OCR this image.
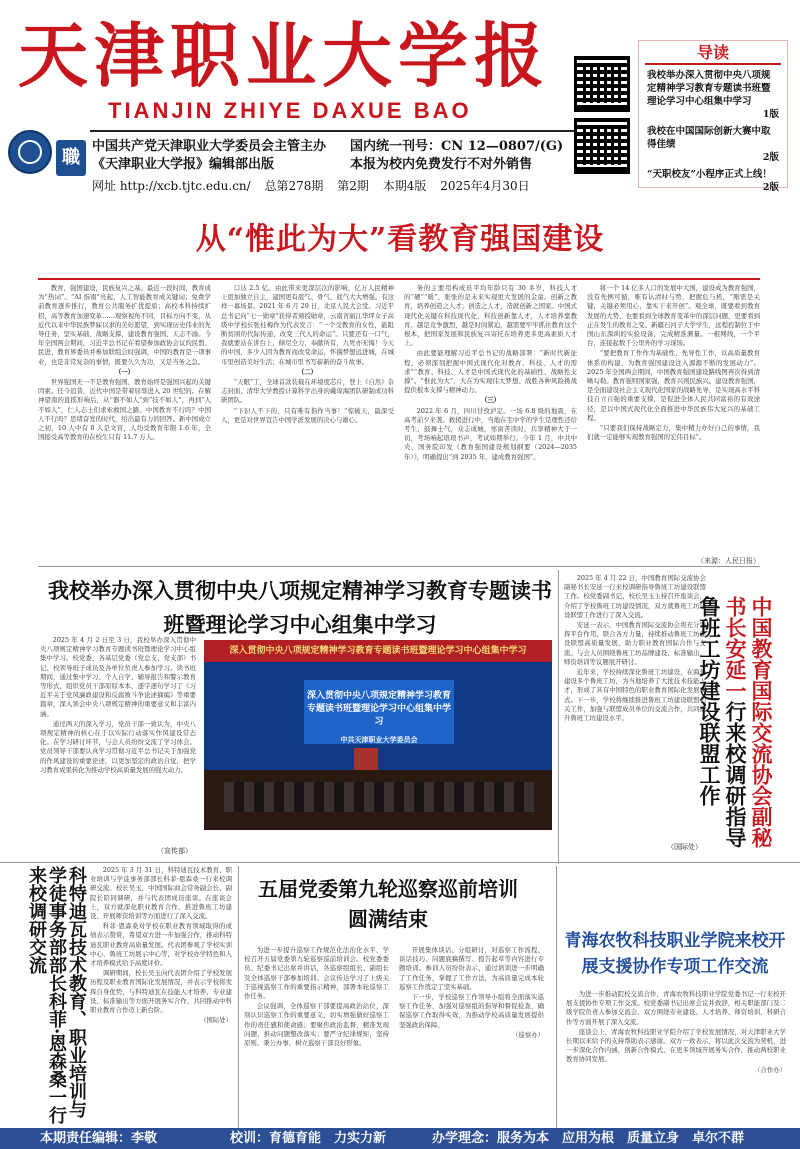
天津职业大学报
TIANJIN ZHIYE DAXUE BAO
職
中国共产党天津职业大学委员会主管主办
《天津职业大学报》编辑部出版
国内统一刊号：CN 12—0807/(G)
本报为校内免费发行不对外销售
网址 http://xcb.tjtc.edu.cn/ 总第278期 第2期 本期4版 2025年4月30日
导读
我校举办深入贯彻中央八项规定精神学习教育专题读书班暨理论学习中心组集中学习
1版
我校在中国国际创新大赛中取得佳绩
2版
“天职校友”小程序正式上线！
2版
从“惟此为大”看教育强国建设

教育，强国建设，民族复兴之基。最近一段时间，教育成为“热词”。“AI 指南”亮起，人工智能教育成关键词；免费学前教育逐步推行，教育公共服务扩优提质；高校本科持续扩招，高等教育加速变革……观察视角不同，目标方向不变，从近代以来中华民族梦寐以求的美好愿望，到实现历史伟业的先导任务，坚实基础、战略支撑，建设教育强国，天志不渝。今年全国两会期间，习近平总书记在看望参加政协会议的民盟、民进、教育界委员并参加联组会时强调，中国的教育是一项事业，也是非常复杂的事情，既要久久为功，又是当务之急。

（一）

世界强国无一不是教育强国，教育始终是强国兴起的关键因素。任今追昔，近代中国是带着屈辱进入 20 世纪的。在解神望南的直摇形响后，从“器不如人”到“技不如人”，再到“人不如人”，仁人志士们求索救国之路。中国教育不行吗？中国人不行吗？思绪奋发的时代，给出最有力的回答。新中国成立之初，10 人中有 8 人是文盲，人均受教育年限 1.6 年，全国接受高等教育的在校生只有 11.7 万人。

口达 2.5 亿。由此带来更深层次的影响，亿万人民精神上更加独立自主，建国更有底气、骨气、底气大大增强。有这样一幕场景。2021 年 6 月 29 日，北京人民大会堂。习近平总书记向“七一勋章”获得者颁授勋章，云南省丽江华坪女子高级中学校长张桂梅作为代表发言：“一个受教育的女性，能阻断贫困的代际传递，改变三代人的命运”。只要还有一口气，我就要站在讲台上，倾尽全力、奉献所有，九死亦无悔！今天的中国，多少人因为教育而改变命运，怀揣梦想远进城，在城市里创造美好生活；在城市里书写崭新的奋斗故事。

（二）

“天眼”工，全球首款装载在环境度芯片，登上《自然》杂志封面，清华大学教授计算科学出身的戴琼海团队研制成功科研团队。

“下识人不下的，只有唯有指作当事！“惊破天，最深受人，更是对世界宣告中国学派发展的决心与雄心。

务的主要用构成员平均年龄只有 30 多岁，科技人才的“硬”“暖”、张张的是未来实现更大发展的金童。创新之教育，培养创造之人才；创造之人才，造就创新之国家。中国式现代化关键在科技现代化，科技创新靠人才，人才培养靠教育。越是竞争激烈，越是时间紧迫，越需要牢牢抓住教育这个根本，把国家发展和民族复兴寄托在培养更多更高素质人才上。

由此要能理解习近平总书记的战略部署：“新时代新征程，必须深刻把握中国式现代化对教育、科技、人才的需求”“教育、科技、人才是中国式现代化的基础性、战略性支撑”。“惟此为大”，大在为实现伟大梦想、战胜各种风险挑战提供根本支撑与精神动力。

（三）

2022 年 6 月，四川甘孜泸定。一场 6.8 级的地震，在高考前夕来袭。救援进行中，当地在宅中学的学生是理性还给考生，鼓舞士气，众志成城，寒窗苦读时，共享精神大于一切，考场响起琅琅书声，考试如期举行。今年 1 月，中共中央、国务院印发《教育强国建设规划纲要（2024—2035 年）》，明确提出“到 2035 年，建成教育强国”。

将一个 14 亿多人口的发展中大国，建设成为教育强国，没有先例可循，唯有认清时与势，把握危与机，“刚需是关键，关键必须用心，靠实干来开创”。观全球，既要看到教育发展的大势、也要看到全球教育变革中的深层问题，更要看到正在发生的教育之变。新疆石河子大学学生，远程控制位于中国山东深圳的实验设备，完成精准测量。一根网线，一个平台，连接起数千公里外的学习现场。

“要把教育工作作为基础性、先导性工作，以高质量教育体系的构建，为教育强国建设注入源源不断的发展动力”。2025 年全国两会期间，中国教育强国建设路线图再次得到清晰勾勒。教育强则国家强，教育兴则民族兴。建设教育强国，是全面建设社会主义现代化国家的战略先导，是实现高水平科技自立自强的重要支撑，是促进全体人民共同富裕的有效途径，是以中国式现代化全面推进中华民族伟大复兴的基础工程。

“只要我们保持战略定力，集中精力办好自己的事情，我们就一定能够实现教育强国的宏伟目标”。

（来源：人民日报）
我校举办深入贯彻中央八项规定精神学习教育专题读书班暨理论学习中心组集中学习
深入贯彻中央八项规定精神学习教育专题读书班暨理论学习中心组集中学习
深入贯彻中央八项规定精神学习教育专题读书班暨理论学习中心组集中学习
中共天津职业大学委员会

2025 年 4 月 2 日至 3 日，我校举办深入贯彻中央八项规定精神学习教育专题读书班暨理论学习中心组集中学习。校党委、各基层党委（党总支、党支部）书记、校领导班子成员及各单位负责人参加学习。读书班期间，通过集中学习、个人自学、辅导报告和警示教育等形式，组织党员干部原原本本、逐字逐句学习了《习近平关于党风廉政建设和反腐败斗争论述摘编》等重要篇章，深入领会中央八项规定精神的重要意义和丰富内涵。

通过两天的深入学习，党员干部一致认为，中央八项规定精神的核心在于以实际行动落实作风建设常态化。在学习研讨环节，与会人员纷纷交流了学习体会。党员领导干部要认真学习贯彻习近平总书记关于加强党的作风建设的重要论述，以更加坚定的政治自觉，把学习教育成果转化为推动学校高质量发展的强大动力。

（宣传部）

2025 年 4 月 22 日，中国教育国际交流协会副秘书长安延一行来校调研指导鲁班工坊建设联盟工作。校党委副书记、校长吴玉主持召开座谈会，介绍了学校鲁班工坊建设情况，双方就鲁班工坊建设联盟工作进行了深入交流。

安延一表示，中国教育国际交流协会将充分发挥平台作用，联合各方力量，持续推动鲁班工坊建设联盟高质量发展，助力职业教育国际合作与交流。与会人员围绕鲁班工坊品牌建设、标准输出、师资培训等议题展开研讨。

近年来，学校持续深化鲁班工坊建设，在海外建设多个鲁班工坊，为当地培养了大批技术技能人才，形成了具有中国特色的职业教育国际化发展模式。下一步，学校将继续推进鲁班工坊建设联盟相关工作，加强与联盟成员单位的交流合作，共同提升鲁班工坊建设水平。	中国教育国际交流协会副秘书长安延一行来校调研指导鲁班工坊建设联盟工作
（国际处）
科特迪瓦技术教育、职业培训与学徒事务部部长科菲·恩森桑一行来校调研交流	2025 年 3 月 31 日，科特迪瓦技术教育、职业培训与学徒事务部部长科菲·恩森桑一行来校调研交流。校长吴玉，中国国际商会常务副会长、副院长陪同调研，并与代表团成员座谈。在座谈会上，双方就深化职业教育合作、推进鲁班工坊建设、开展师资培训等方面进行了深入交流。

科菲·恩森桑对学校在职业教育领域取得的成绩表示赞赏，希望双方进一步加强合作，推动科特迪瓦职业教育高质量发展。代表团参观了学校实训中心、鲁班工坊展示中心等，对学校办学特色和人才培养模式给予高度评价。

调研期间，校长吴玉向代表团介绍了学校发展历程及职业教育国际化发展情况，并表示学校将发挥自身优势，与科特迪瓦在技能人才培养、专业建设、标准输出等方面开展务实合作，共同推动中科职业教育合作迈上新台阶。

（国际处）

五届党委第九轮巡察巡前培训圆满结束

为进一步提升巡察工作规范化法治化水平，学校召开五届党委第九轮巡察巡前培训会。校党委委员、纪委书记出席并讲话，各巡察组组长、副组长及全体巡察干部参加培训。会议传达学习了上级关于巡视巡察工作的重要指示精神，部署本轮巡察工作任务。

会议强调，全体巡察干部要提高政治站位，深刻认识巡察工作的重要意义，切实增强做好巡察工作的责任感和使命感；要聚焦政治监督，精准发现问题，推动问题整改落实；要严守纪律规矩，坚持原则、秉公办事，树立巡察干部良好形象。

开展集体谈话、分组研讨，对巡察工作流程、谈话技巧、问题底稿撰写、报告起草等内容进行专题培训。参训人员纷纷表示，通过培训进一步明确了工作任务，掌握了工作方法，为高质量完成本轮巡察工作奠定了坚实基础。

下一步，学校巡察工作领导小组将全面落实巡察工作任务，加强对巡察组的指导和督促检查，确保巡察工作取得实效，为推动学校高质量发展提供坚强政治保障。

（巡察办）

青海农牧科技职业学院来校开展支援协作专项工作交流

为进一步推动院校交流合作，青海农牧科技职业学院党委书记一行来校开展支援协作专项工作交流。校党委副书记出席会议并致辞，相关职能部门及二级学院负责人参加交流会。双方围绕专业建设、人才培养、师资培训、科研合作等方面开展了深入交流。

座谈会上，青海农牧科技职业学院介绍了学校发展情况，对天津职业大学长期以来给予的支持帮助表示感谢。双方一致表示，将以此次交流为契机，进一步深化合作内涵，创新合作模式，在更多领域开展务实合作，推动两校职业教育协同发展。

（合作办）

本期责任编辑：李敬	校训：育德育能　力实力新	办学理念：服务为本　应用为根　质量立身　卓尔不群
